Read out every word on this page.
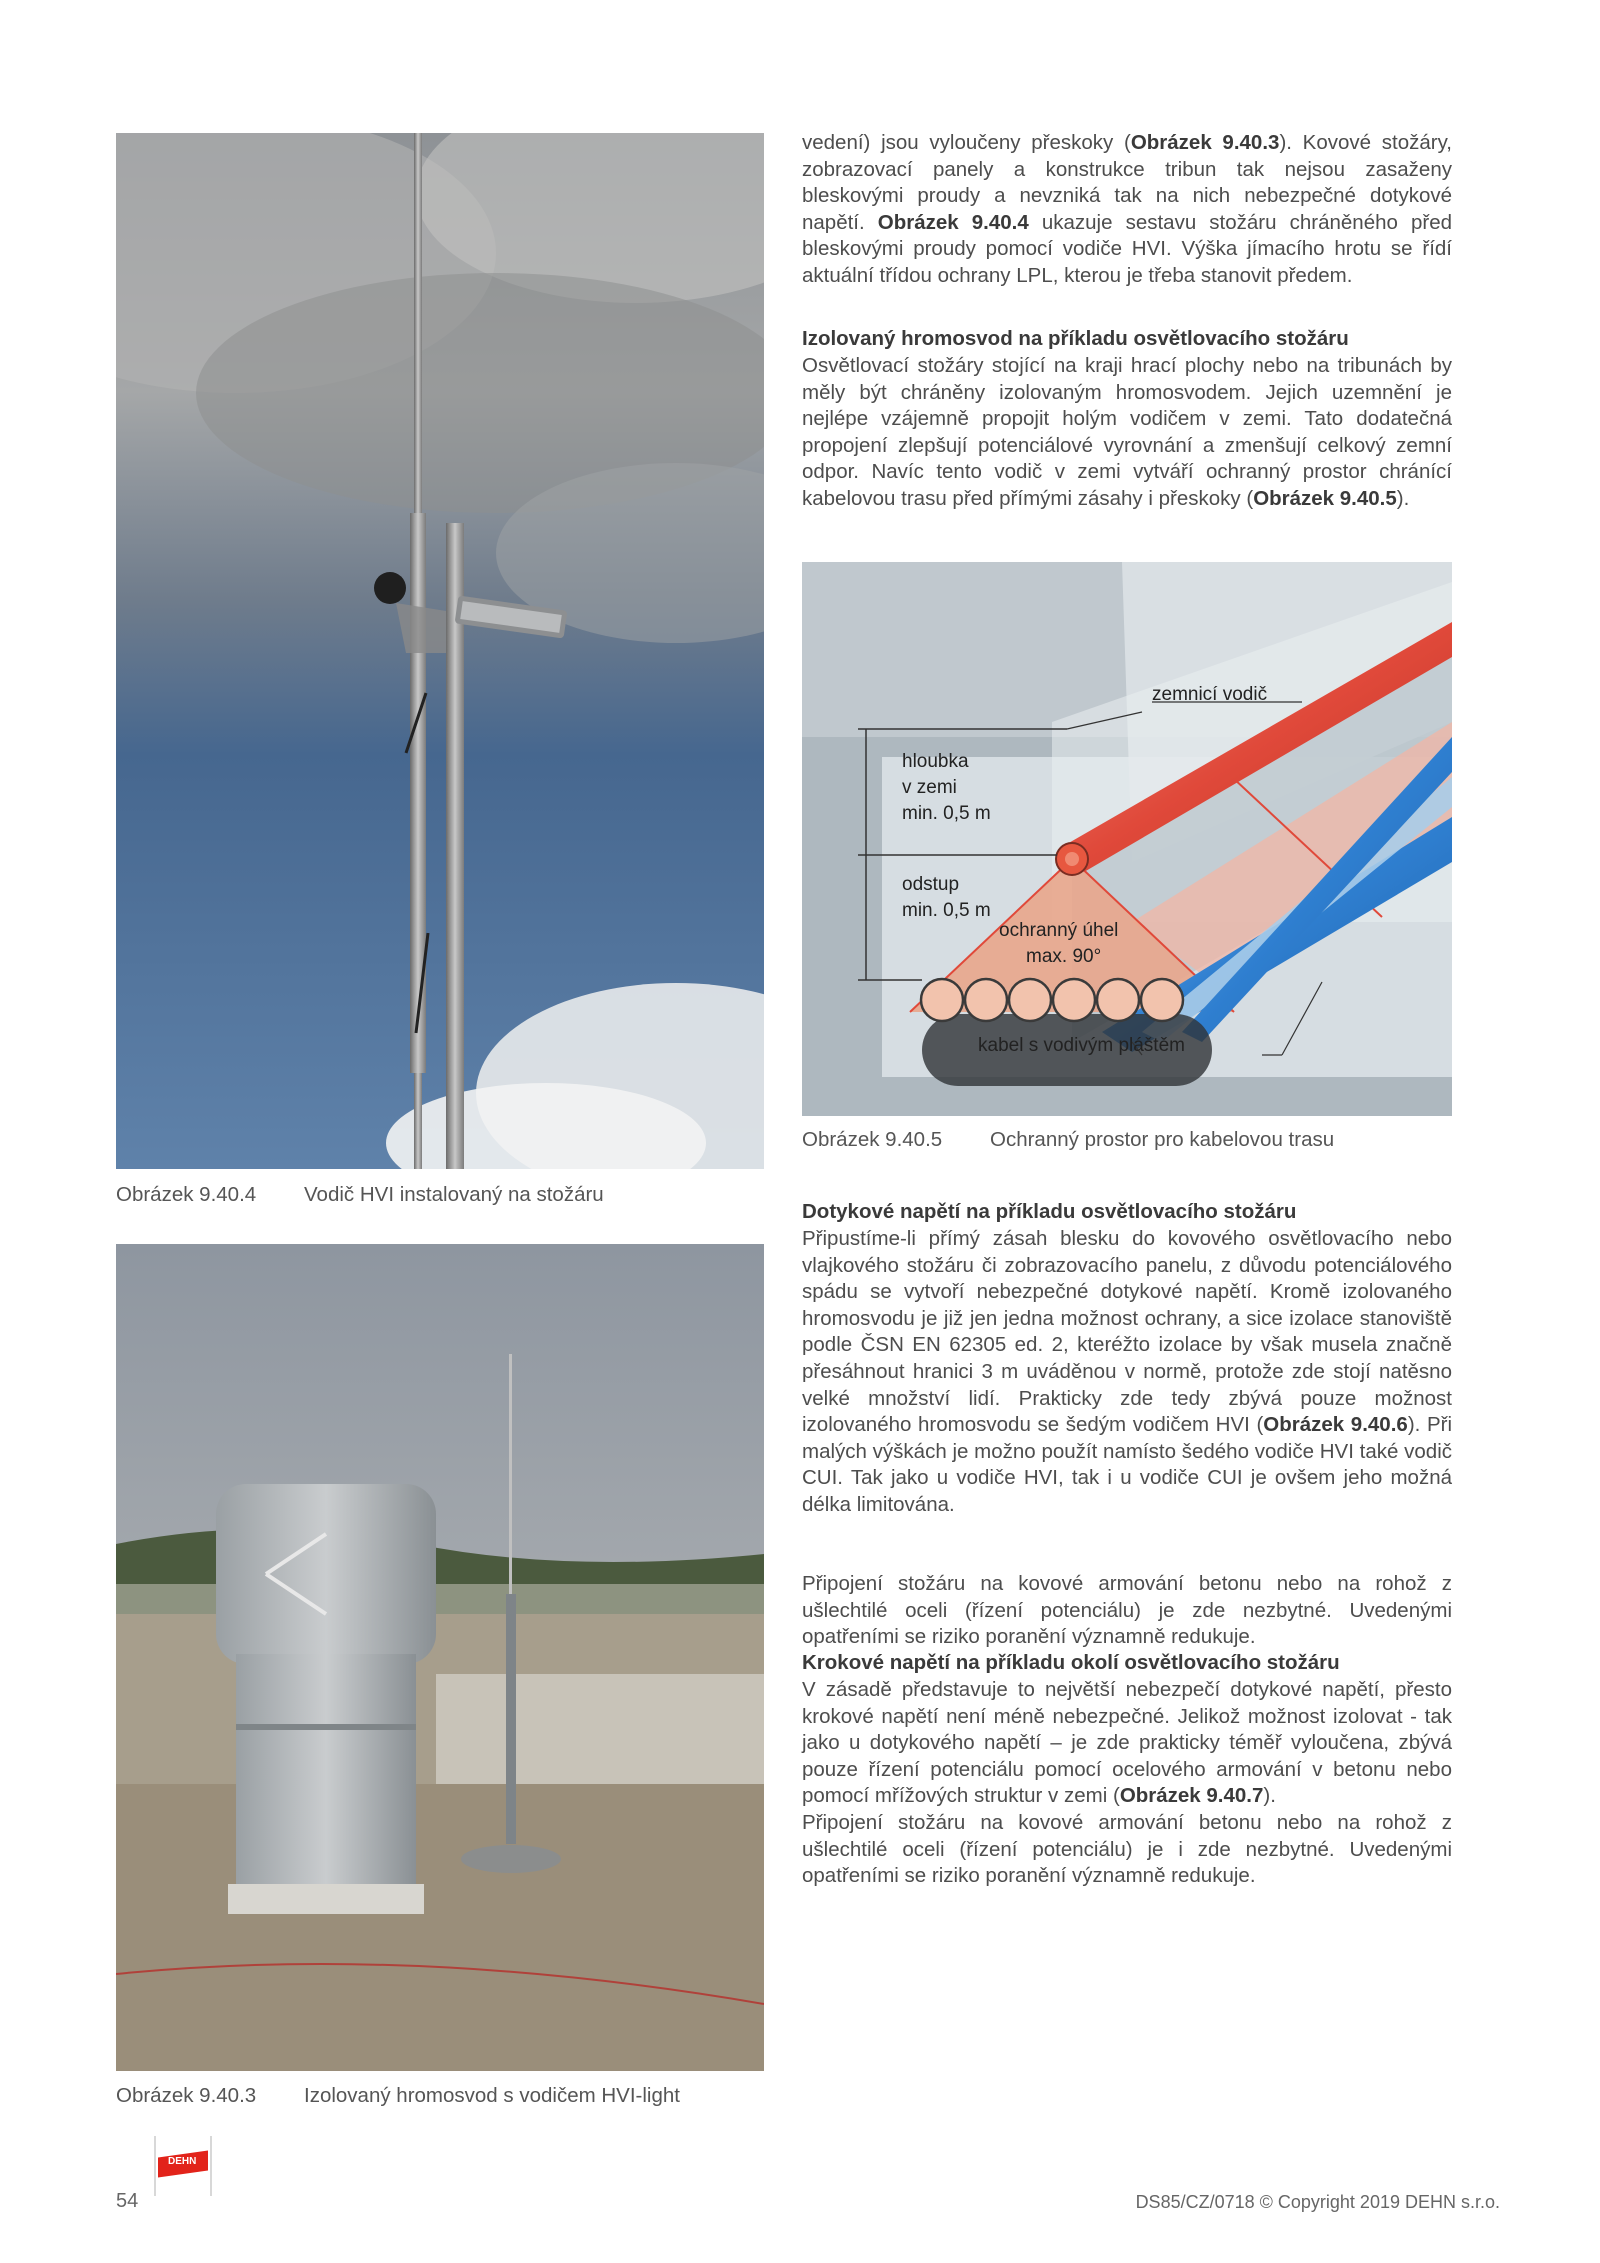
Obrázek 9.40.4 Vodič HVI instalovaný na stožáru
Obrázek 9.40.3 Izolovaný hromosvod s vodičem HVI-light

vedení) jsou vyloučeny přeskoky (Obrázek 9.40.3). Kovové stožáry, zobrazovací panely a konstrukce tribun tak nejsou zasaženy bleskovými proudy a nevzniká tak na nich nebezpečné dotykové napětí. Obrázek 9.40.4 ukazuje sestavu stožáru chráněného před bleskovými proudy pomocí vodiče HVI. Výška jímacího hrotu se řídí aktuální třídou ochrany LPL, kterou je třeba stanovit předem.

Izolovaný hromosvod na příkladu osvětlovacího stožáru

Osvětlovací stožáry stojící na kraji hrací plochy nebo na tribunách by měly být chráněny izolovaným hromosvodem. Jejich uzemnění je nejlépe vzájemně propojit holým vodičem v zemi. Tato dodatečná propojení zlepšují potenciálové vyrovnání a zmenšují celkový zemní odpor. Navíc tento vodič v zemi vytváří ochranný prostor chránící kabelovou trasu před přímými zásahy i přeskoky (Obrázek 9.40.5).

zemnicí vodič
hloubka
v zemi
min. 0,5 m
odstup
min. 0,5 m
ochranný úhel
max. 90°
kabel s vodivým pláštěm
Obrázek 9.40.5 Ochranný prostor pro kabelovou trasu

Dotykové napětí na příkladu osvětlovacího stožáru

Připustíme-li přímý zásah blesku do kovového osvětlovacího nebo vlajkového stožáru či zobrazovacího panelu, z důvodu potenciálového spádu se vytvoří nebezpečné dotykové napětí. Kromě izolovaného hromosvodu je již jen jedna možnost ochrany, a sice izolace stanoviště podle ČSN EN 62305 ed. 2, kteréžto izolace by však musela značně přesáhnout hranici 3 m uváděnou v normě, protože zde stojí natěsno velké množství lidí. Prakticky zde tedy zbývá pouze možnost izolovaného hromosvodu se šedým vodičem HVI (Obrázek 9.40.6). Při malých výškách je možno použít namísto šedého vodiče HVI také vodič CUI. Tak jako u vodiče HVI, tak i u vodiče CUI je ovšem jeho možná délka limitována.

Připojení stožáru na kovové armování betonu nebo na rohož z ušlechtilé oceli (řízení potenciálu) je zde nezbytné. Uvedenými opatřeními se riziko poranění významně redukuje.

Krokové napětí na příkladu okolí osvětlovacího stožáru

V zásadě představuje to největší nebezpečí dotykové napětí, přesto krokové napětí není méně nebezpečné. Jelikož možnost izolovat - tak jako u dotykového napětí – je zde prakticky téměř vyloučena, zbývá pouze řízení potenciálu pomocí ocelového armování v betonu nebo pomocí mřížových struktur v zemi (Obrázek 9.40.7).

Připojení stožáru na kovové armování betonu nebo na rohož z ušlechtilé oceli (řízení potenciálu) je i zde nezbytné. Uvedenými opatřeními se riziko poranění významně redukuje.

54
DEHN
DS85/CZ/0718 © Copyright 2019 DEHN s.r.o.
